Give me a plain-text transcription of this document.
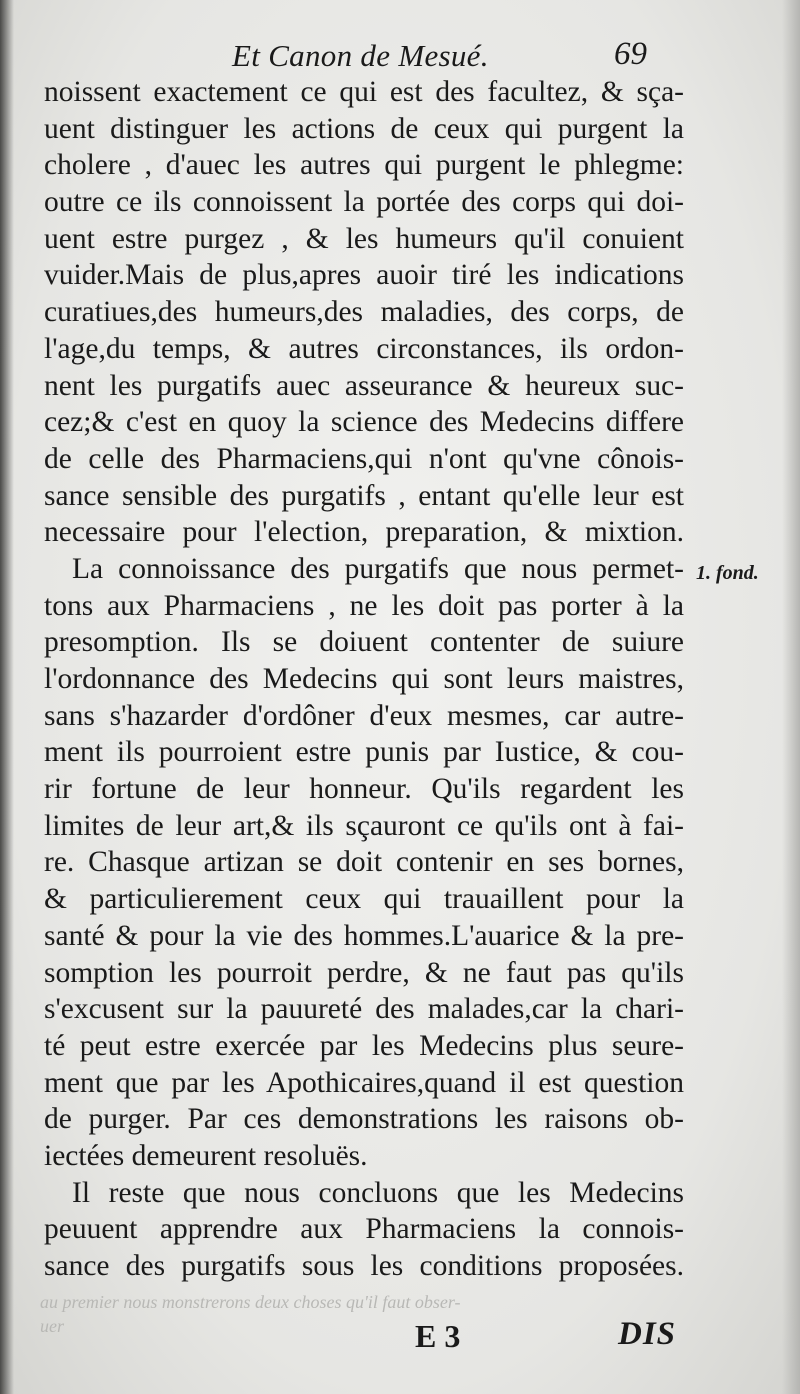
Et Canon de Mesué.	69
noissent exactement ce qui est des facultez, & sça-
uent distinguer les actions de ceux qui purgent la
cholere , d'auec les autres qui purgent le phlegme:
outre ce ils connoissent la portée des corps qui doi-
uent estre purgez , & les humeurs qu'il conuient
vuider.Mais de plus,apres auoir tiré les indications
curatiues,des humeurs,des maladies, des corps, de
l'age,du temps, & autres circonstances, ils ordon-
nent les purgatifs auec asseurance & heureux suc-
cez;& c'est en quoy la science des Medecins differe
de celle des Pharmaciens,qui n'ont qu'vne cônois-
sance sensible des purgatifs , entant qu'elle leur est
necessaire pour l'election, preparation, & mixtion.
La connoissance des purgatifs que nous permet-
tons aux Pharmaciens , ne les doit pas porter à la
presomption. Ils se doiuent contenter de suiure
l'ordonnance des Medecins qui sont leurs maistres,
sans s'hazarder d'ordôner d'eux mesmes, car autre-
ment ils pourroient estre punis par Iustice, & cou-
rir fortune de leur honneur. Qu'ils regardent les
limites de leur art,& ils sçauront ce qu'ils ont à fai-
re. Chasque artizan se doit contenir en ses bornes,
& particulierement ceux qui trauaillent pour la
santé & pour la vie des hommes.L'auarice & la pre-
somption les pourroit perdre, & ne faut pas qu'ils
s'excusent sur la pauureté des malades,car la chari-
té peut estre exercée par les Medecins plus seure-
ment que par les Apothicaires,quand il est question
de purger. Par ces demonstrations les raisons ob-
iectées demeurent resoluës.
Il reste que nous concluons que les Medecins
peuuent apprendre aux Pharmaciens la connois-
sance des purgatifs sous les conditions proposées.
1. fond.
au premier nous monstrerons deux choses qu'il faut obser-
uer	E 3	DIS
